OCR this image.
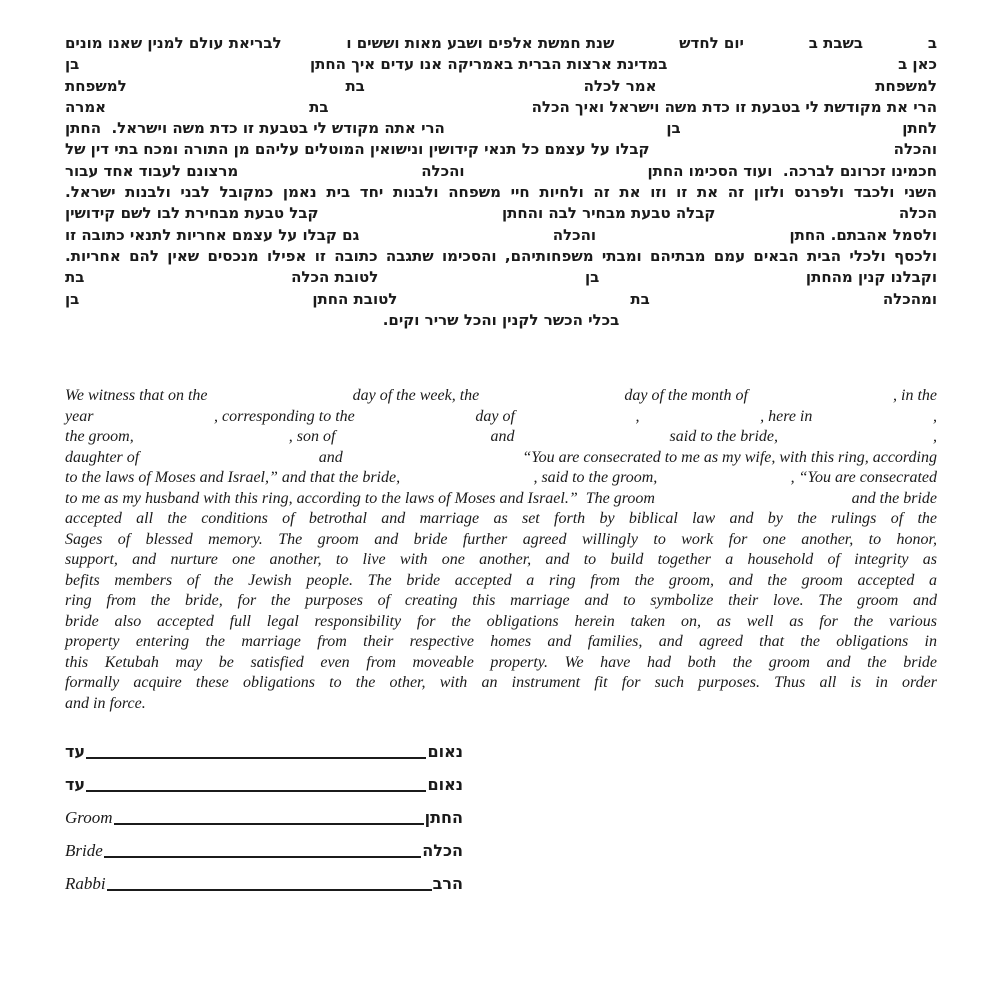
ב
בשבת ב
יום לחדש
שנת חמשת אלפים ושבע מאות וששים ו
לבריאת עולם למנין שאנו מונים
כאן ב
במדינת ארצות הברית באמריקה אנו עדים איך החתן
בן
למשפחת
אמר לכלה
בת
למשפחת
הרי את מקודשת לי בטבעת זו כדת משה וישראל ואיך הכלה
בת
אמרה
לחתן
בן
הרי אתה מקודש לי בטבעת זו כדת משה וישראל.  החתן
והכלה
קבלו על עצמם כל תנאי קידושין ונישואין המוטלים עליהם מן התורה ומכח בתי דין של
חכמינו זכרונם לברכה.  ועוד הסכימו החתן
והכלה
מרצונם לעבוד אחד עבור
השני ולכבד ולפרנס ולזון זה את זו וזו את זה ולחיות חיי משפחה ולבנות יחד בית נאמן כמקובל לבני ולבנות ישראל.
הכלה
קבלה טבעת מבחיר לבה והחתן
קבל טבעת מבחירת לבו לשם קידושין
ולסמל אהבתם. החתן
והכלה
גם קבלו על עצמם אחריות לתנאי כתובה זו
ולכסף ולכלי הבית הבאים עמם מבתיהם ומבתי משפחותיהם, והסכימו שתגבה כתובה זו אפילו מנכסים שאין להם אחריות.
וקבלנו קנין מהחתן
בן
לטובת הכלה
בת
ומהכלה
בת
לטובת החתן
בן
בכלי הכשר לקנין והכל שריר וקים.
We witness that on the	day of the week, the	day of the month of	, in the
year	, corresponding to the	day of	,	, here in	,
the groom,	, son of	and	said to the bride,	,
daughter of	and	“You are consecrated to me as my wife, with this ring, according
to the laws of Moses and Israel,” and that the bride,	, said to the groom,	, “You are consecrated
to me as my husband with this ring, according to the laws of Moses and Israel.”  The groom	and the bride
accepted all the conditions of betrothal and marriage as set forth by biblical law and by the rulings of the
Sages of blessed memory. The groom and bride further agreed willingly to work for one another, to honor,
support, and nurture one another, to live with one another, and to build together a household of integrity as
befits members of the Jewish people. The bride accepted a ring from the groom, and the groom accepted a
ring from the bride, for the purposes of creating this marriage and to symbolize their love. The groom and
bride also accepted full legal responsibility for the obligations herein taken on, as well as for the various
property entering the marriage from their respective homes and families, and agreed that the obligations in
this Ketubah may be satisfied even from moveable property. We have had both the groom and the bride
formally acquire these obligations to the other, with an instrument fit for such purposes. Thus all is in order
and in force.
עד	נאום
עד	נאום
Groom	החתן
Bride	הכלה
Rabbi	הרב
